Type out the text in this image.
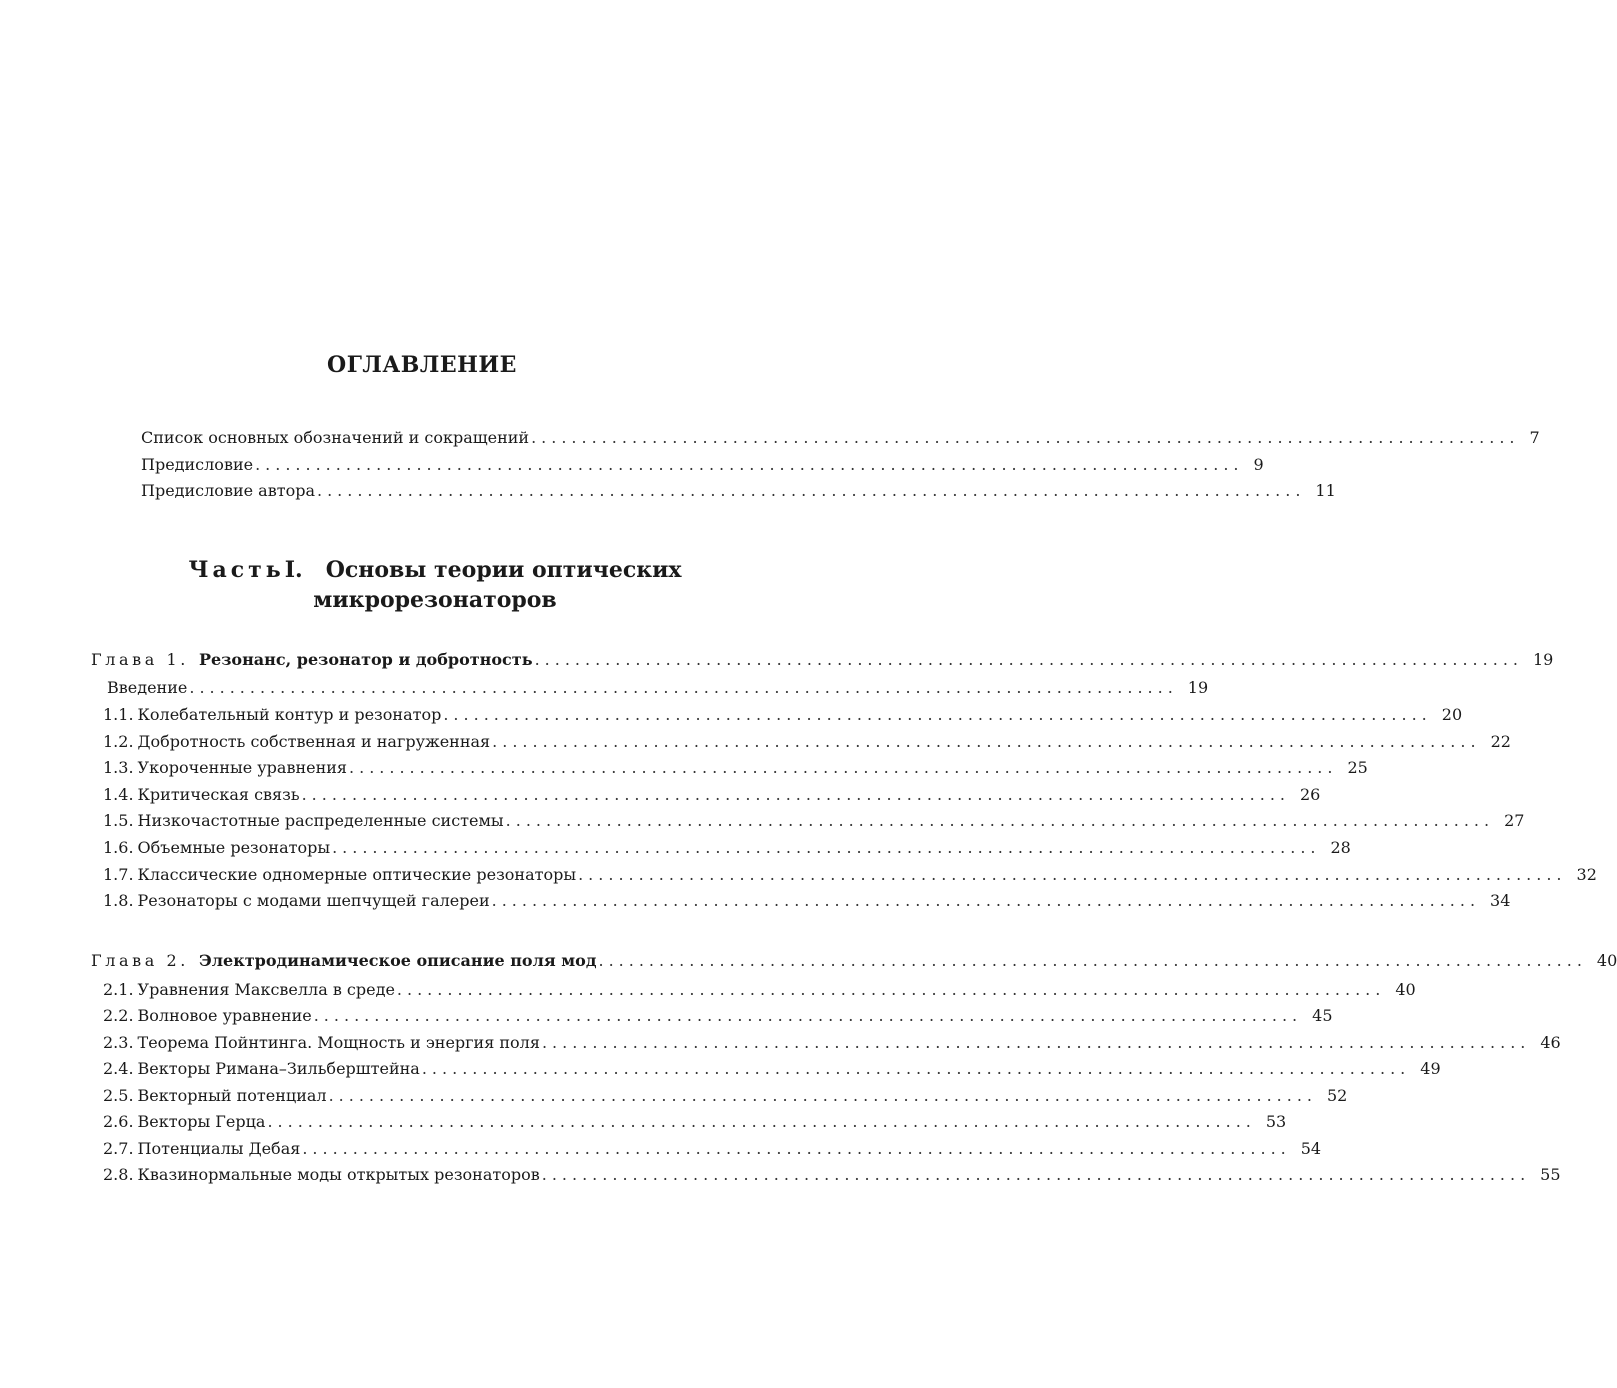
ОГЛАВЛЕНИЕ
Список основных обозначений и сокращений .................................................................................................. 7
Предисловие .................................................................................................. 9
Предисловие автора .................................................................................................. 11
ЧастьI. Основы теории оптических
микрорезонаторов
Глава 1. Резонанс, резонатор и добротность .................................................................................................. 19
Введение .................................................................................................. 19
1.1. Колебательный контур и резонатор .................................................................................................. 20
1.2. Добротность собственная и нагруженная .................................................................................................. 22
1.3. Укороченные уравнения .................................................................................................. 25
1.4. Критическая связь .................................................................................................. 26
1.5. Низкочастотные распределенные системы .................................................................................................. 27
1.6. Объемные резонаторы .................................................................................................. 28
1.7. Классические одномерные оптические резонаторы .................................................................................................. 32
1.8. Резонаторы с модами шепчущей галереи .................................................................................................. 34
Глава 2. Электродинамическое описание поля мод .................................................................................................. 40
2.1. Уравнения Максвелла в среде .................................................................................................. 40
2.2. Волновое уравнение .................................................................................................. 45
2.3. Теорема Пойнтинга. Мощность и энергия поля .................................................................................................. 46
2.4. Векторы Римана–Зильберштейна .................................................................................................. 49
2.5. Векторный потенциал .................................................................................................. 52
2.6. Векторы Герца .................................................................................................. 53
2.7. Потенциалы Дебая .................................................................................................. 54
2.8. Квазинормальные моды открытых резонаторов .................................................................................................. 55
